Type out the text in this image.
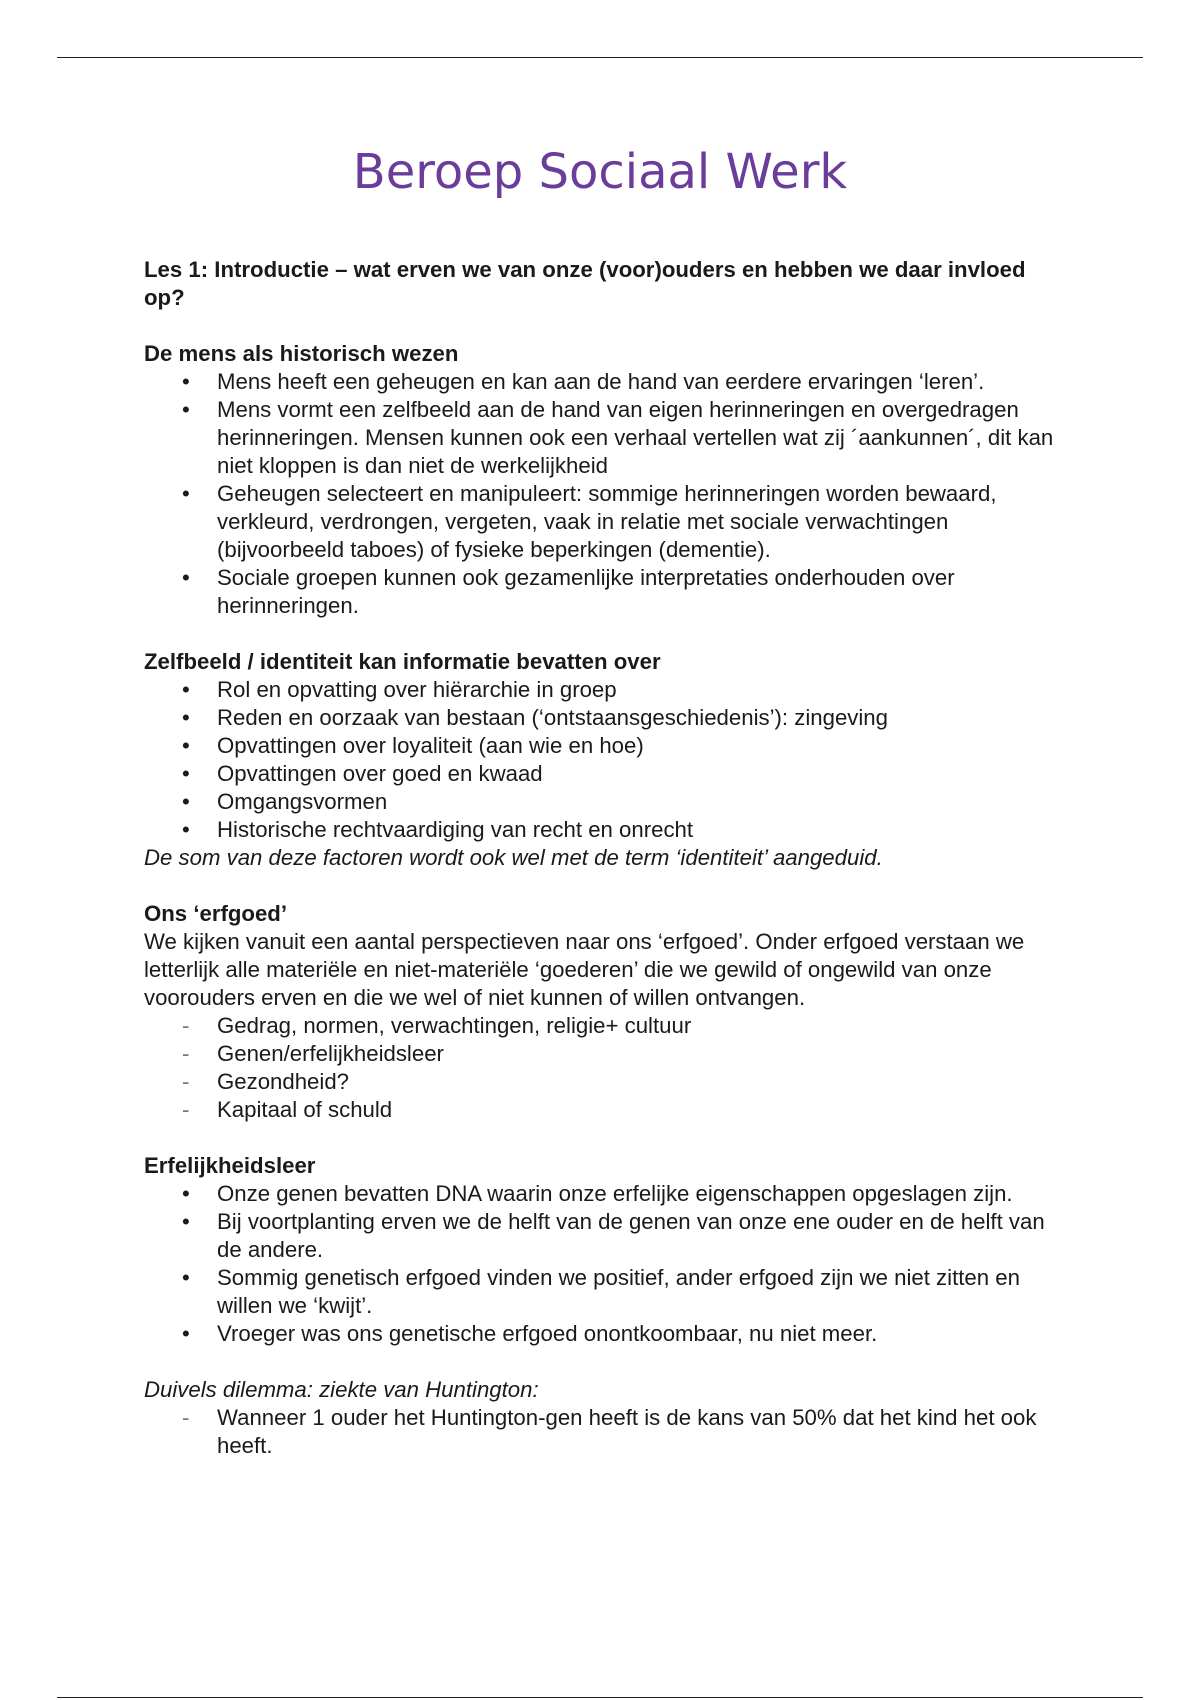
Beroep Sociaal Werk

Les 1: Introductie – wat erven we van onze (voor)ouders en hebben we daar invloed op?

De mens als historisch wezen

• Mens heeft een geheugen en kan aan de hand van eerdere ervaringen ‘leren’.
• Mens vormt een zelfbeeld aan de hand van eigen herinneringen en overgedragen herinneringen. Mensen kunnen ook een verhaal vertellen wat zij ´aankunnen´, dit kan niet kloppen is dan niet de werkelijkheid
• Geheugen selecteert en manipuleert: sommige herinneringen worden bewaard, verkleurd, verdrongen, vergeten, vaak in relatie met sociale verwachtingen (bijvoorbeeld taboes) of fysieke beperkingen (dementie).
• Sociale groepen kunnen ook gezamenlijke interpretaties onderhouden over herinneringen.

Zelfbeeld / identiteit kan informatie bevatten over

• Rol en opvatting over hiërarchie in groep
• Reden en oorzaak van bestaan (‘ontstaansgeschiedenis’): zingeving
• Opvattingen over loyaliteit (aan wie en hoe)
• Opvattingen over goed en kwaad
• Omgangsvormen
• Historische rechtvaardiging van recht en onrecht

De som van deze factoren wordt ook wel met de term ‘identiteit’ aangeduid.

Ons ‘erfgoed’

We kijken vanuit een aantal perspectieven naar ons ‘erfgoed’. Onder erfgoed verstaan we letterlijk alle materiële en niet-materiële ‘goederen’ die we gewild of ongewild van onze voorouders erven en die we wel of niet kunnen of willen ontvangen.

- Gedrag, normen, verwachtingen, religie+ cultuur
- Genen/erfelijkheidsleer
- Gezondheid?
- Kapitaal of schuld

Erfelijkheidsleer

• Onze genen bevatten DNA waarin onze erfelijke eigenschappen opgeslagen zijn.
• Bij voortplanting erven we de helft van de genen van onze ene ouder en de helft van de andere.
• Sommig genetisch erfgoed vinden we positief, ander erfgoed zijn we niet zitten en willen we ‘kwijt’.
• Vroeger was ons genetische erfgoed onontkoombaar, nu niet meer.

Duivels dilemma: ziekte van Huntington:

- Wanneer 1 ouder het Huntington-gen heeft is de kans van 50% dat het kind het ook heeft.
